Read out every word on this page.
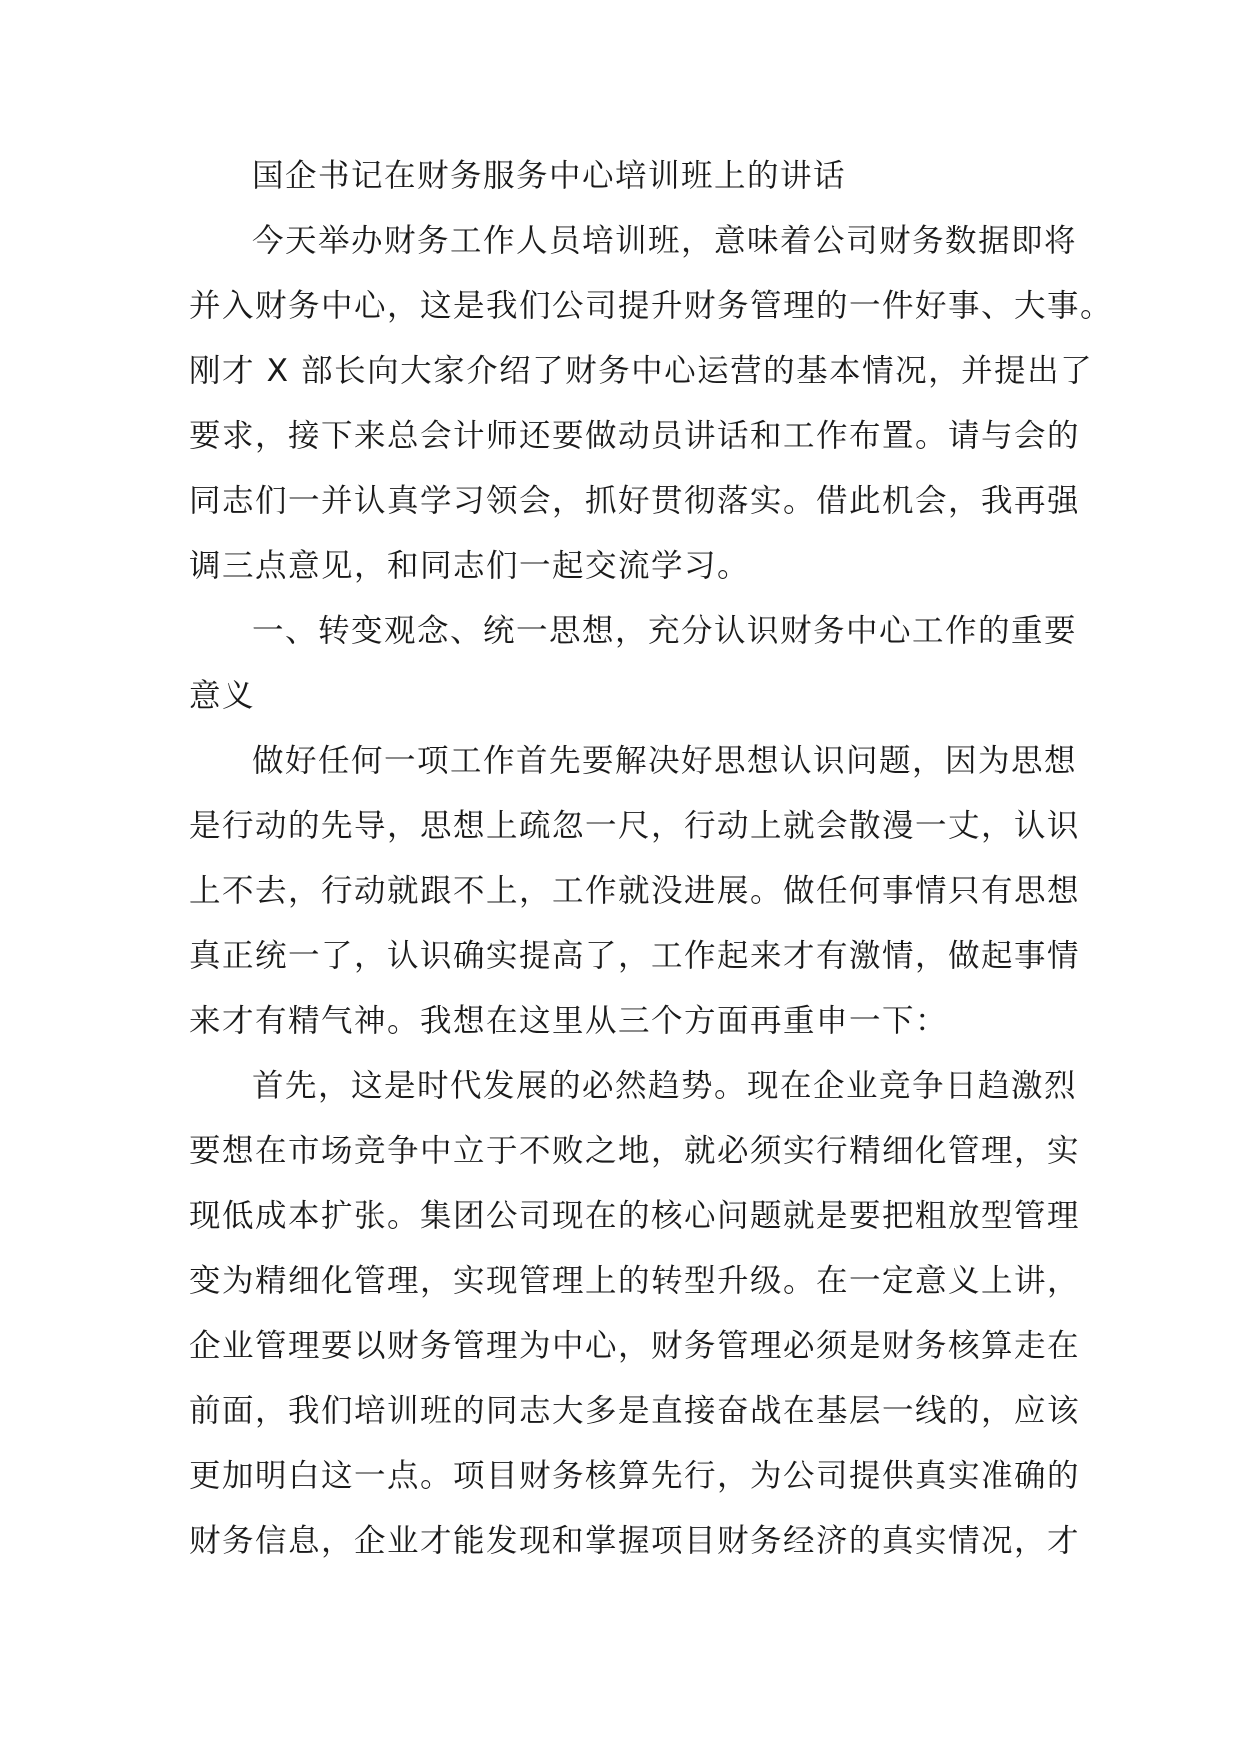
国企书记在财务服务中心培训班上的讲话
今天举办财务工作人员培训班，意味着公司财务数据即将
并入财务中心，这是我们公司提升财务管理的一件好事、大事。
刚才 X 部长向大家介绍了财务中心运营的基本情况，并提出了
要求，接下来总会计师还要做动员讲话和工作布置。请与会的
同志们一并认真学习领会，抓好贯彻落实。借此机会，我再强
调三点意见，和同志们一起交流学习。
一、转变观念、统一思想，充分认识财务中心工作的重要
意义
做好任何一项工作首先要解决好思想认识问题，因为思想
是行动的先导，思想上疏忽一尺，行动上就会散漫一丈，认识
上不去，行动就跟不上，工作就没进展。做任何事情只有思想
真正统一了，认识确实提高了，工作起来才有激情，做起事情
来才有精气神。我想在这里从三个方面再重申一下：
首先，这是时代发展的必然趋势。现在企业竞争日趋激烈
要想在市场竞争中立于不败之地，就必须实行精细化管理，实
现低成本扩张。集团公司现在的核心问题就是要把粗放型管理
变为精细化管理，实现管理上的转型升级。在一定意义上讲，
企业管理要以财务管理为中心，财务管理必须是财务核算走在
前面，我们培训班的同志大多是直接奋战在基层一线的，应该
更加明白这一点。项目财务核算先行，为公司提供真实准确的
财务信息，企业才能发现和掌握项目财务经济的真实情况，才
